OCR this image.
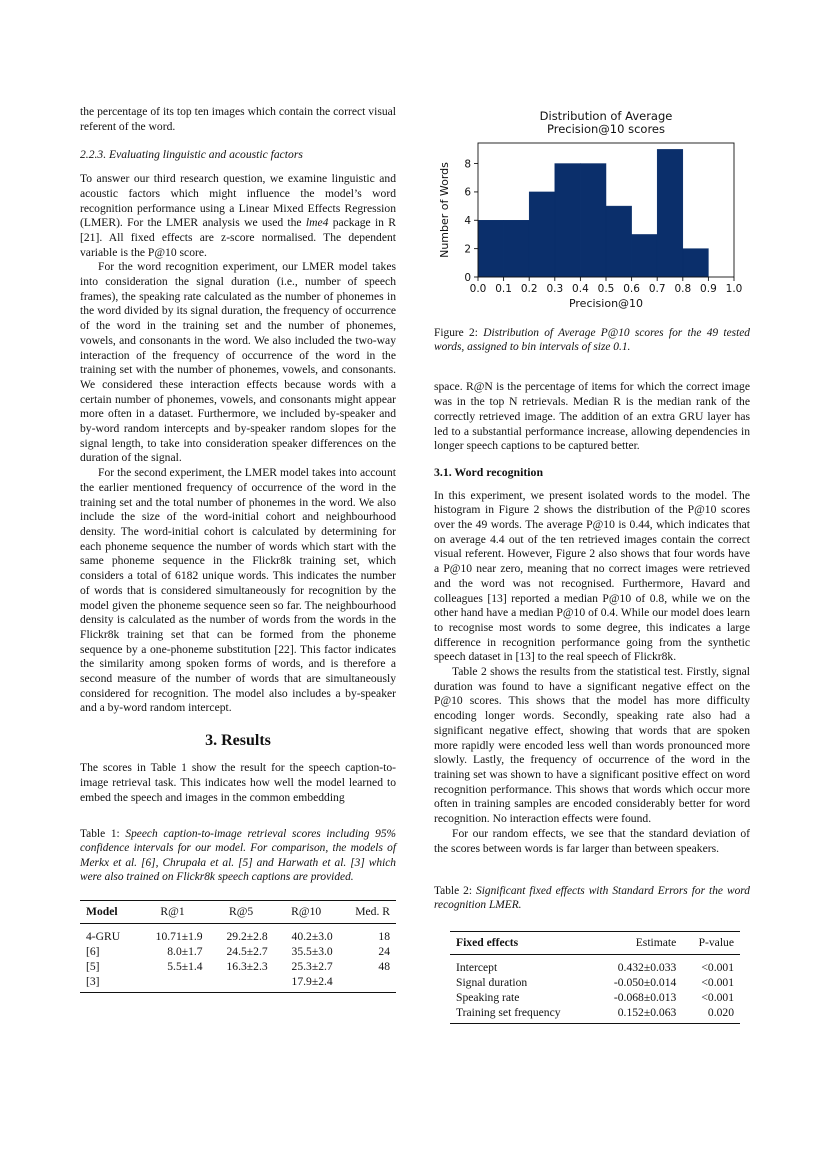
the percentage of its top ten images which contain the correct visual referent of the word.

2.2.3. Evaluating linguistic and acoustic factors

To answer our third research question, we examine linguistic and acoustic factors which might influence the model’s word recognition performance using a Linear Mixed Effects Regression (LMER). For the LMER analysis we used the lme4 package in R [21]. All fixed effects are z-score normalised. The dependent variable is the P@10 score.

For the word recognition experiment, our LMER model takes into consideration the signal duration (i.e., number of speech frames), the speaking rate calculated as the number of phonemes in the word divided by its signal duration, the frequency of occurrence of the word in the training set and the number of phonemes, vowels, and consonants in the word. We also included the two-way interaction of the frequency of occurrence of the word in the training set with the number of phonemes, vowels, and consonants. We considered these interaction effects because words with a certain number of phonemes, vowels, and consonants might appear more often in a dataset. Furthermore, we included by-speaker and by-word random intercepts and by-speaker random slopes for the signal length, to take into consideration speaker differences on the duration of the signal.

For the second experiment, the LMER model takes into account the earlier mentioned frequency of occurrence of the word in the training set and the total number of phonemes in the word. We also include the size of the word-initial cohort and neighbourhood density. The word-initial cohort is calculated by determining for each phoneme sequence the number of words which start with the same phoneme sequence in the Flickr8k training set, which considers a total of 6182 unique words. This indicates the number of words that is considered simultaneously for recognition by the model given the phoneme sequence seen so far. The neighbourhood density is calculated as the number of words from the words in the Flickr8k training set that can be formed from the phoneme sequence by a one-phoneme substitution [22]. This factor indicates the similarity among spoken forms of words, and is therefore a second measure of the number of words that are simultaneously considered for recognition. The model also includes a by-speaker and a by-word random intercept.

3. Results

The scores in Table 1 show the result for the speech caption-to-image retrieval task. This indicates how well the model learned to embed the speech and images in the common embedding

Table 1: Speech caption-to-image retrieval scores including 95% confidence intervals for our model. For comparison, the models of Merkx et al. [6], Chrupała et al. [5] and Harwath et al. [3] which were also trained on Flickr8k speech captions are provided.

Model	R@1	R@5	R@10	Med. R
4-GRU	10.71±1.9	29.2±2.8	40.2±3.0	18
[6]	8.0±1.7	24.5±2.7	35.5±3.0	24
[5]	5.5±1.4	16.3±2.3	25.3±2.7	48
[3]			17.9±2.4	
0.0 0.1 0.2 0.3 0.4 0.5 0.6 0.7 0.8 0.9 1.0
0
2
4
6
8
Distribution of Average
Precision@10 scores
Precision@10
Number of Words

Figure 2: Distribution of Average P@10 scores for the 49 tested words, assigned to bin intervals of size 0.1.

space. R@N is the percentage of items for which the correct image was in the top N retrievals. Median R is the median rank of the correctly retrieved image. The addition of an extra GRU layer has led to a substantial performance increase, allowing dependencies in longer speech captions to be captured better.

3.1. Word recognition

In this experiment, we present isolated words to the model. The histogram in Figure 2 shows the distribution of the P@10 scores over the 49 words. The average P@10 is 0.44, which indicates that on average 4.4 out of the ten retrieved images contain the correct visual referent. However, Figure 2 also shows that four words have a P@10 near zero, meaning that no correct images were retrieved and the word was not recognised. Furthermore, Havard and colleagues [13] reported a median P@10 of 0.8, while we on the other hand have a median P@10 of 0.4. While our model does learn to recognise most words to some degree, this indicates a large difference in recognition performance going from the synthetic speech dataset in [13] to the real speech of Flickr8k.

Table 2 shows the results from the statistical test. Firstly, signal duration was found to have a significant negative effect on the P@10 scores. This shows that the model has more difficulty encoding longer words. Secondly, speaking rate also had a significant negative effect, showing that words that are spoken more rapidly were encoded less well than words pronounced more slowly. Lastly, the frequency of occurrence of the word in the training set was shown to have a significant positive effect on word recognition performance. This shows that words which occur more often in training samples are encoded considerably better for word recognition. No interaction effects were found.

For our random effects, we see that the standard deviation of the scores between words is far larger than between speakers.

Table 2: Significant fixed effects with Standard Errors for the word recognition LMER.

Fixed effects	Estimate	P-value
Intercept	0.432±0.033	<0.001
Signal duration	-0.050±0.014	<0.001
Speaking rate	-0.068±0.013	<0.001
Training set frequency	0.152±0.063	0.020
